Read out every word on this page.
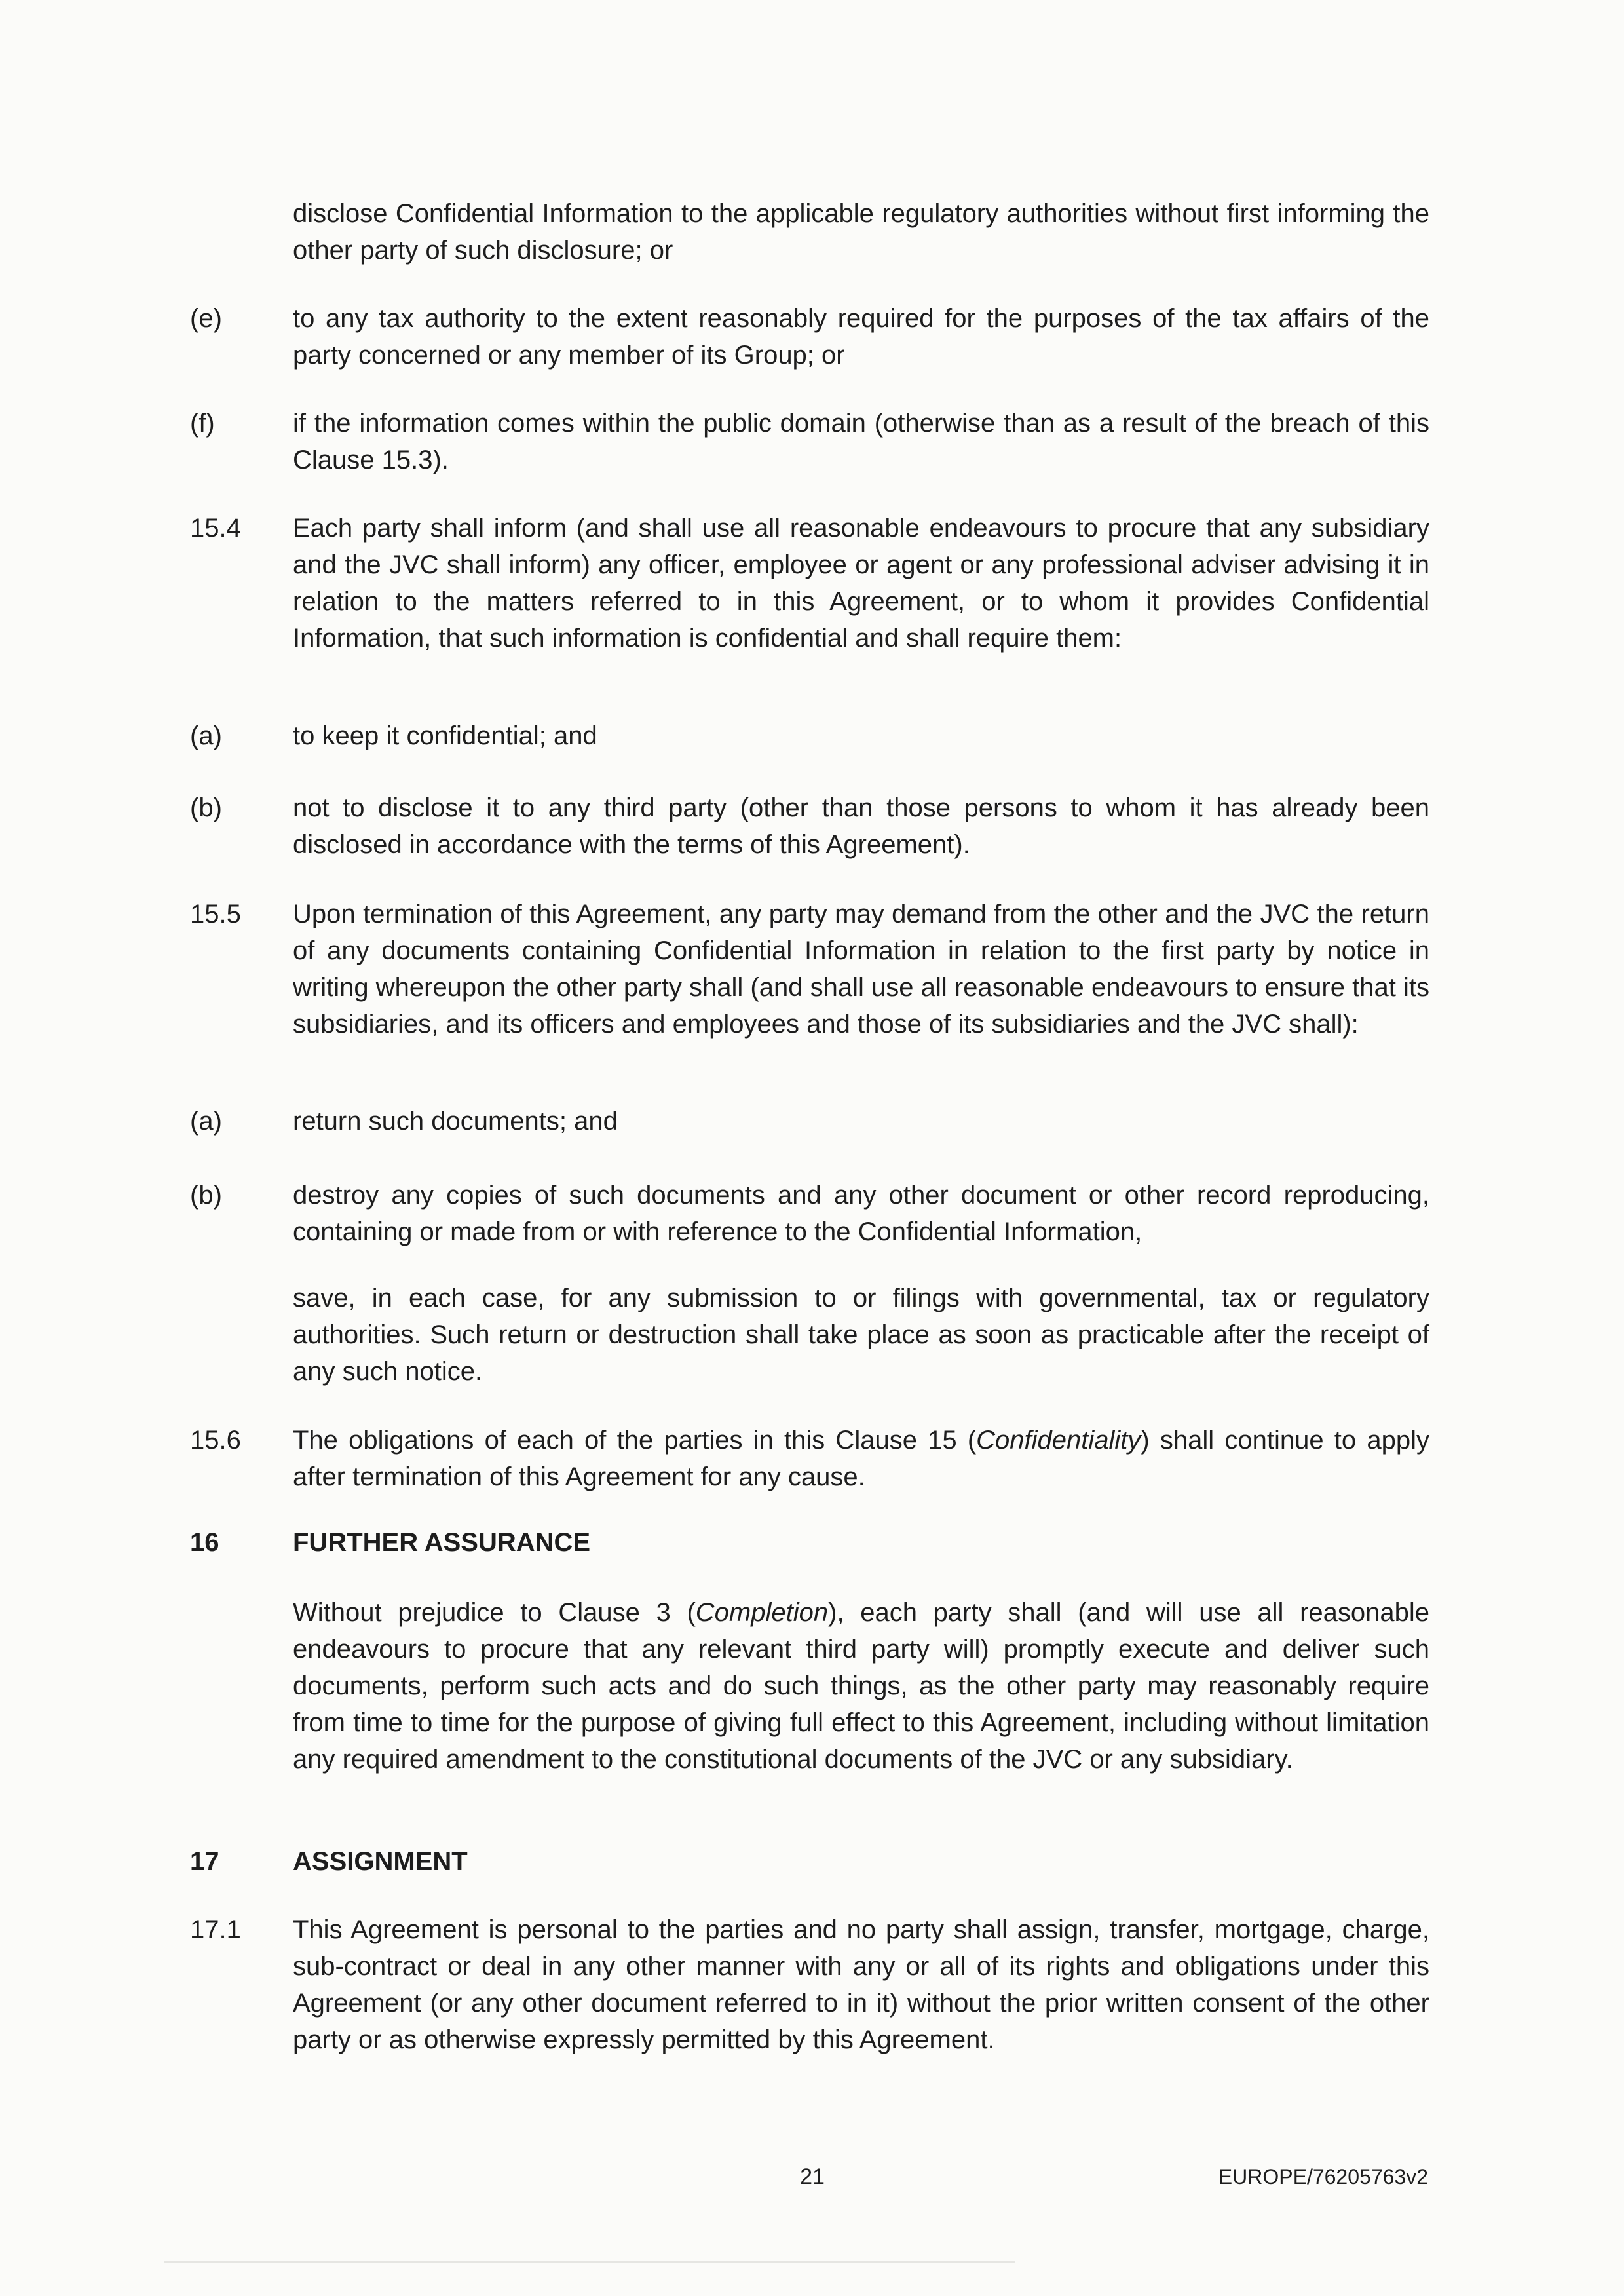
disclose Confidential Information to the applicable regulatory authorities without first informing the other party of such disclosure; or
(e)	to any tax authority to the extent reasonably required for the purposes of the tax affairs of the party concerned or any member of its Group; or
(f)	if the information comes within the public domain (otherwise than as a result of the breach of this Clause 15.3).
15.4	Each party shall inform (and shall use all reasonable endeavours to procure that any subsidiary and the JVC shall inform) any officer, employee or agent or any professional adviser advising it in relation to the matters referred to in this Agreement, or to whom it provides Confidential Information, that such information is confidential and shall require them:
(a)	to keep it confidential; and
(b)	not to disclose it to any third party (other than those persons to whom it has already been disclosed in accordance with the terms of this Agreement).
15.5	Upon termination of this Agreement, any party may demand from the other and the JVC the return of any documents containing Confidential Information in relation to the first party by notice in writing whereupon the other party shall (and shall use all reasonable endeavours to ensure that its subsidiaries, and its officers and employees and those of its subsidiaries and the JVC shall):
(a)	return such documents; and
(b)	destroy any copies of such documents and any other document or other record reproducing, containing or made from or with reference to the Confidential Information,
save, in each case, for any submission to or filings with governmental, tax or regulatory authorities. Such return or destruction shall take place as soon as practicable after the receipt of any such notice.
15.6	The obligations of each of the parties in this Clause 15 (Confidentiality) shall continue to apply after termination of this Agreement for any cause.
16	FURTHER ASSURANCE
Without prejudice to Clause 3 (Completion), each party shall (and will use all reasonable endeavours to procure that any relevant third party will) promptly execute and deliver such documents, perform such acts and do such things, as the other party may reasonably require from time to time for the purpose of giving full effect to this Agreement, including without limitation any required amendment to the constitutional documents of the JVC or any subsidiary.
17	ASSIGNMENT
17.1	This Agreement is personal to the parties and no party shall assign, transfer, mortgage, charge, sub-contract or deal in any other manner with any or all of its rights and obligations under this Agreement (or any other document referred to in it) without the prior written consent of the other party or as otherwise expressly permitted by this Agreement.
21	EUROPE/76205763v2
